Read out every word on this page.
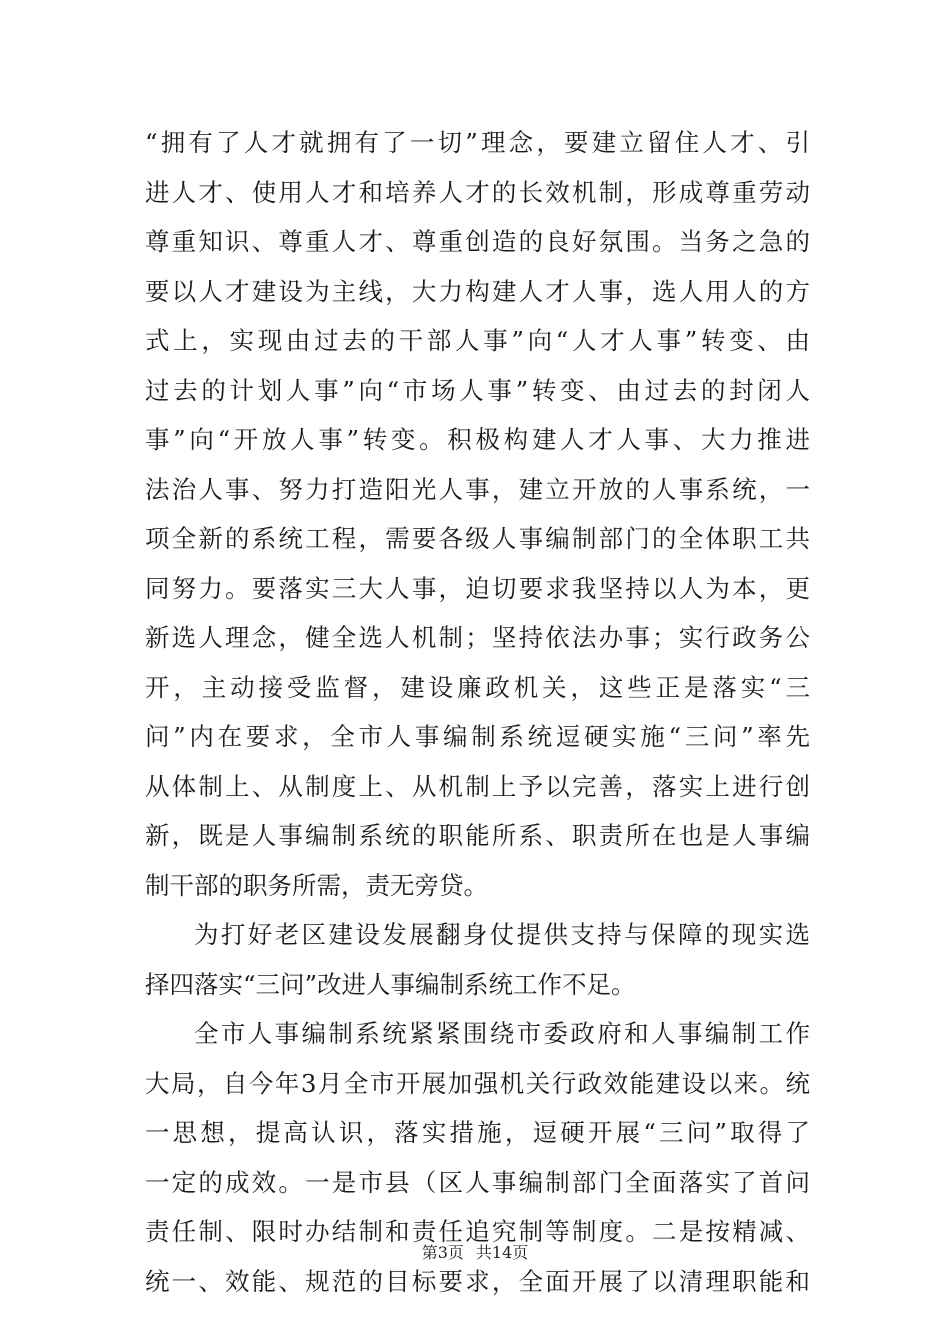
“拥有了人才就拥有了一切”理念，要建立留住人才、引
进人才、使用人才和培养人才的长效机制，形成尊重劳动
尊重知识、尊重人才、尊重创造的良好氛围。当务之急的
要以人才建设为主线，大力构建人才人事，选人用人的方
式上，实现由过去的干部人事”向“人才人事”转变、由
过去的计划人事”向“市场人事”转变、由过去的封闭人
事”向“开放人事”转变。积极构建人才人事、大力推进
法治人事、努力打造阳光人事，建立开放的人事系统，一
项全新的系统工程，需要各级人事编制部门的全体职工共
同努力。要落实三大人事，迫切要求我坚持以人为本，更
新选人理念，健全选人机制；坚持依法办事；实行政务公
开，主动接受监督，建设廉政机关，这些正是落实“三
问”内在要求，全市人事编制系统逗硬实施“三问”率先
从体制上、从制度上、从机制上予以完善，落实上进行创
新，既是人事编制系统的职能所系、职责所在也是人事编
制干部的职务所需，责无旁贷。
为打好老区建设发展翻身仗提供支持与保障的现实选
择四落实“三问”改进人事编制系统工作不足。
全市人事编制系统紧紧围绕市委政府和人事编制工作
大局，自今年3月全市开展加强机关行政效能建设以来。统
一思想，提高认识，落实措施，逗硬开展“三问”取得了
一定的成效。一是市县（区人事编制部门全面落实了首问
责任制、限时办结制和责任追究制等制度。二是按精减、
统一、效能、规范的目标要求，全面开展了以清理职能和
第3页 共14页
